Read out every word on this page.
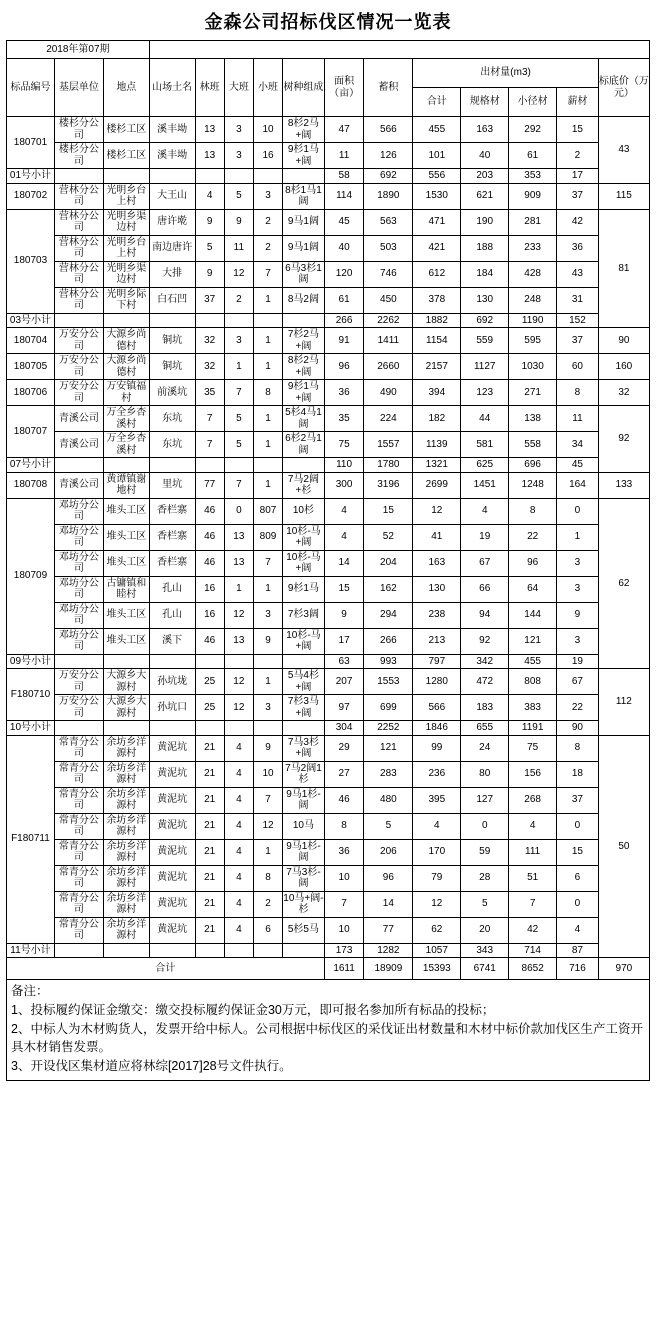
金森公司招标伐区情况一览表
2018年第07期														
标品编号	基层单位	地点	山场土名	林班	大班	小班	树种组成	面积（亩）	蓄积	出材量(m3)				标底价（万元）
										合计	规格材	小径材	薪材	
180701	楼杉分公司	楼杉工区	溪丰坳	13	3	10	8杉2马+阔	47	566	455	163	292	15	43
	楼杉分公司	楼杉工区	溪丰坳	13	3	16	9杉1马+阔	11	126	101	40	61	2	
01号小计								58	692	556	203	353	17	
180702	营林分公司	光明乡台上村	大王山	4	5	3	8杉1马1阔	114	1890	1530	621	909	37	115
180703	营林分公司	光明乡渠边村	唐许墘	9	9	2	9马1阔	45	563	471	190	281	42	81
	营林分公司	光明乡台上村	南边唐许	5	11	2	9马1阔	40	503	421	188	233	36	
	营林分公司	光明乡渠边村	大排	9	12	7	6马3杉1阔	120	746	612	184	428	43	
	营林分公司	光明乡际下村	白石凹	37	2	1	8马2阔	61	450	378	130	248	31	
03号小计								266	2262	1882	692	1190	152	
180704	万安分公司	大源乡尚德村	铜坑	32	3	1	7杉2马+阔	91	1411	1154	559	595	37	90
180705	万安分公司	大源乡尚德村	铜坑	32	1	1	8杉2马+阔	96	2660	2157	1127	1030	60	160
180706	万安分公司	万安镇福村	前溪坑	35	7	8	9杉1马+阔	36	490	394	123	271	8	32
180707	青溪公司	万全乡杏溪村	东坑	7	5	1	5杉4马1阔	35	224	182	44	138	11	92
	青溪公司	万全乡杏溪村	东坑	7	5	1	6杉2马1阔	75	1557	1139	581	558	34	
07号小计								110	1780	1321	625	696	45	
180708	青溪公司	黄谭镇谢地村	里坑	77	7	1	7马2阔+杉	300	3196	2699	1451	1248	164	133
180709	邓坊分公司	堆头工区	香栏寨	46	0	807	10杉	4	15	12	4	8	0	62
	邓坊分公司	堆头工区	香栏寨	46	13	809	10杉-马+阔	4	52	41	19	22	1	
	邓坊分公司	堆头工区	香栏寨	46	13	7	10杉-马+阔	14	204	163	67	96	3	
	邓坊分公司	古镛镇和睦村	孔山	16	1	1	9杉1马	15	162	130	66	64	3	
	邓坊分公司	堆头工区	孔山	16	12	3	7杉3阔	9	294	238	94	144	9	
	邓坊分公司	堆头工区	溪下	46	13	9	10杉-马+阔	17	266	213	92	121	3	
09号小计								63	993	797	342	455	19	
F180710	万安分公司	大源乡大源村	孙坑垅	25	12	1	5马4杉+阔	207	1553	1280	472	808	67	112
	万安分公司	大源乡大源村	孙坑口	25	12	3	7杉3马+阔	97	699	566	183	383	22	
10号小计								304	2252	1846	655	1191	90	
F180711	常青分公司	余坊乡洋源村	黄泥坑	21	4	9	7马3杉+阔	29	121	99	24	75	8	50
	常青分公司	余坊乡洋源村	黄泥坑	21	4	10	7马2阔1杉	27	283	236	80	156	18	
	常青分公司	余坊乡洋源村	黄泥坑	21	4	7	9马1杉-阔	46	480	395	127	268	37	
	常青分公司	余坊乡洋源村	黄泥坑	21	4	12	10马	8	5	4	0	4	0	
	常青分公司	余坊乡洋源村	黄泥坑	21	4	1	9马1杉-阔	36	206	170	59	111	15	
	常青分公司	余坊乡洋源村	黄泥坑	21	4	8	7马3杉-阔	10	96	79	28	51	6	
	常青分公司	余坊乡洋源村	黄泥坑	21	4	2	10马+阔-杉	7	14	12	5	7	0	
	常青分公司	余坊乡洋源村	黄泥坑	21	4	6	5杉5马	10	77	62	20	42	4	
11号小计								173	1282	1057	343	714	87	
合计								1611	18909	15393	6741	8652	716	970

备注：

1、投标履约保证金缴交：缴交投标履约保证金30万元，即可报名参加所有标品的投标；

2、中标人为木材购货人，发票开给中标人。公司根据中标伐区的采伐证出材数量和木材中标价款加伐区生产工资开具木材销售发票。

3、开设伐区集材道应将林综[2017]28号文件执行。
